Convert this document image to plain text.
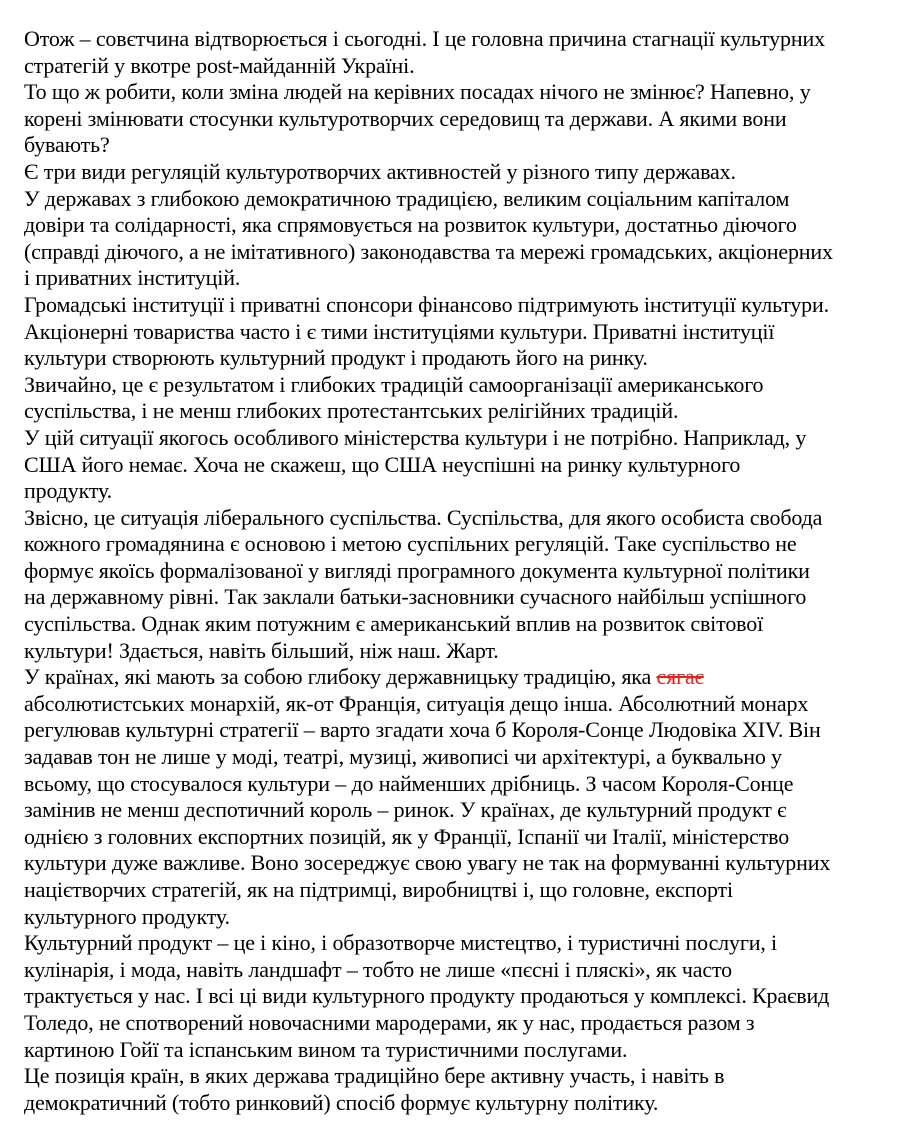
Отож – совєтчина відтворюється і сьогодні. І це головна причина стагнації культурних
стратегій у вкотре post-майданній Україні.
То що ж робити, коли зміна людей на керівних посадах нічого не змінює? Напевно, у
корені змінювати стосунки культуротворчих середовищ та держави. А якими вони
бувають?
Є три види регуляцій культуротворчих активностей у різного типу державах.
У державах з глибокою демократичною традицією, великим соціальним капіталом
довіри та солідарності, яка спрямовується на розвиток культури, достатньо діючого
(справді діючого, а не імітативного) законодавства та мережі громадських, акціонерних
і приватних інституцій.
Громадські інституції і приватні спонсори фінансово підтримують інституції культури.
Акціонерні товариства часто і є тими інституціями культури. Приватні інституції
культури створюють культурний продукт і продають його на ринку.
Звичайно, це є результатом і глибоких традицій самоорганізації американського
суспільства, і не менш глибоких протестантських релігійних традицій.
У цій ситуації якогось особливого міністерства культури і не потрібно. Наприклад, у
США його немає. Хоча не скажеш, що США неуспішні на ринку культурного
продукту.
Звісно, це ситуація ліберального суспільства. Суспільства, для якого особиста свобода
кожного громадянина є основою і метою суспільних регуляцій. Таке суспільство не
формує якоїсь формалізованої у вигляді програмного документа культурної політики
на державному рівні. Так заклали батьки-засновники сучасного найбільш успішного
суспільства. Однак яким потужним є американський вплив на розвиток світової
культури! Здається, навіть більший, ніж наш. Жарт.
У країнах, які мають за собою глибоку державницьку традицію, яка сягає
абсолютистських монархій, як-от Франція, ситуація дещо інша. Абсолютний монарх
регулював культурні стратегії – варто згадати хоча б Короля-Сонце Людовіка XIV. Він
задавав тон не лише у моді, театрі, музиці, живописі чи архітектурі, а буквально у
всьому, що стосувалося культури – до найменших дрібниць. З часом Короля-Сонце
замінив не менш деспотичний король – ринок. У країнах, де культурний продукт є
однією з головних експортних позицій, як у Франції, Іспанії чи Італії, міністерство
культури дуже важливе. Воно зосереджує свою увагу не так на формуванні культурних
націєтворчих стратегій, як на підтримці, виробництві і, що головне, експорті
культурного продукту.
Культурний продукт – це і кіно, і образотворче мистецтво, і туристичні послуги, і
кулінарія, і мода, навіть ландшафт – тобто не лише «пєсні і пляскі», як часто
трактується у нас. І всі ці види культурного продукту продаються у комплексі. Краєвид
Толедо, не спотворений новочасними мародерами, як у нас, продається разом з
картиною Гойї та іспанським вином та туристичними послугами.
Це позиція країн, в яких держава традиційно бере активну участь, і навіть в
демократичний (тобто ринковий) спосіб формує культурну політику.
